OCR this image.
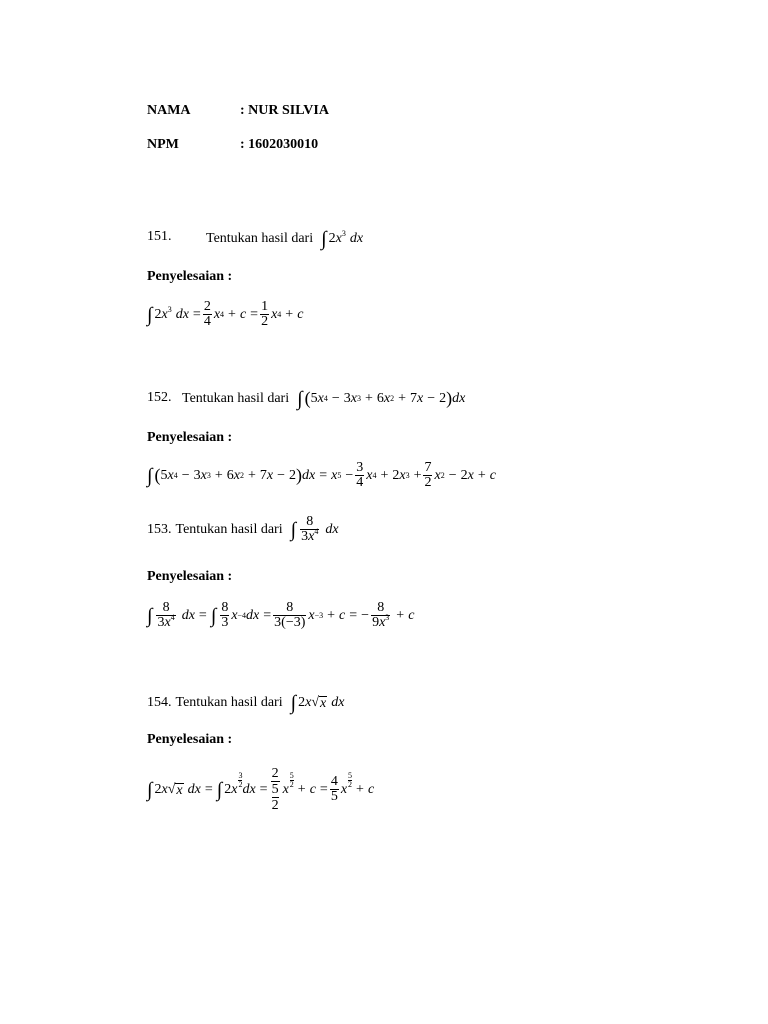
NAMA	: NUR SILVIA
NPM	: 1602030010
151. Tentukan hasil dari ∫ $2x^3$ dx
Penyelesaian :
∫ $2x^3$ dx = $\frac{2}{4}$ x $4 + c = \frac{1}{2}$ x 4 + c
152. Tentukan hasil dari ∫ ( 5 x 4 − 3 x 3 + 6 x 2 + 7 x − 2 ) dx
Penyelesaian :
∫ ( 5 x 4 − 3 x 3 + 6 x 2 + 7 x − 2 ) dx = x $5 - \frac{3}{4}$ x 4 + 2 x $3 + \frac{7}{2}$ x 2 − 2 x + c
153. Tentukan hasil dari ∫ $\frac{8}{3x^4}$ dx
Penyelesaian :
∫ $\frac{8}{3x^4}$ dx = ∫ $\frac{8}{3}$ x −4 dx = $\frac{8}{3(-3)}$ x −3 + c = − $\frac{8}{9x^3} + c$
154. Tentukan hasil dari ∫ 2 x √ x dx
Penyelesaian :
∫ 2 x √ x dx = ∫ 2 x $\frac{3}{2}$ dx = 2
5
2 x $\frac{5}{2} + c = \frac{4}{5}$ x $\frac{5}{2} + c$
